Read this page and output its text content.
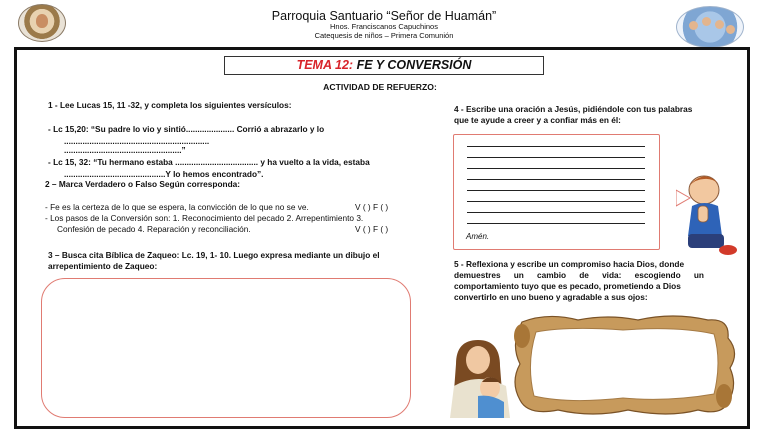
Parroquia Santuario “Señor de Huamán”
Hnos. Franciscanos Capuchinos
Catequesis de niños – Primera Comunión
TEMA 12: FE Y CONVERSIÓN
ACTIVIDAD DE REFUERZO:
1 - Lee Lucas 15, 11 -32, y completa los siguientes versículos:
- Lc 15,20: “Su padre lo vio y sintió..................... Corrió a abrazarlo y lo
...............................................................
...................................................”
- Lc 15, 32: “Tu hermano estaba .................................... y ha vuelto a la vida, estaba
............................................Y lo hemos encontrado”.
2 – Marca Verdadero o Falso Según corresponda:
- Fe es la certeza de lo que se espera, la convicción de lo que no se ve.	V ( ) F ( )
- Los pasos de la Conversión son: 1. Reconocimiento del pecado 2. Arrepentimiento 3.
Confesión de pecado 4. Reparación y reconciliación.	V ( ) F ( )
3 – Busca cita Bíblica de Zaqueo: Lc. 19, 1- 10. Luego expresa mediante un dibujo el
arrepentimiento de Zaqueo:
4 - Escribe una oración a Jesús, pidiéndole con tus palabras
que te ayude a creer y a confiar más en él:
Amén.
5 - Reflexiona y escribe un compromiso hacia Dios, donde
demuestres un cambio de vida: escogiendo un
comportamiento tuyo que es pecado, prometiendo a Dios
convertirlo en uno bueno y agradable a sus ojos:
